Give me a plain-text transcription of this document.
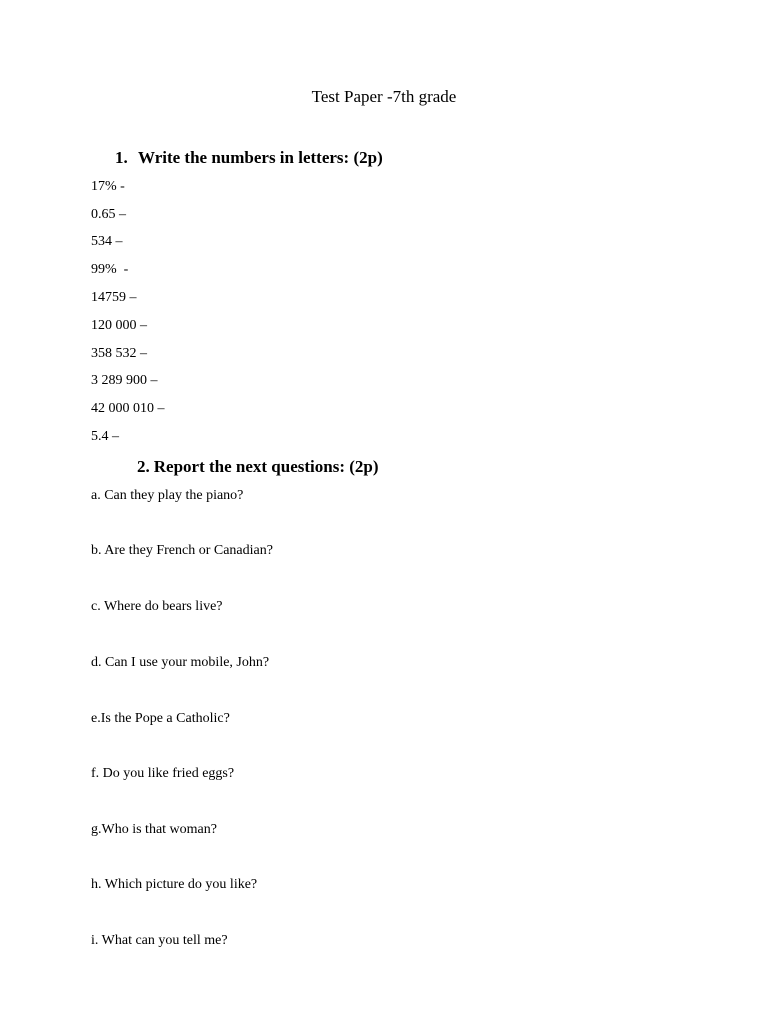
Test Paper -7th grade
1. Write the numbers in letters: (2p)
17% -
0.65 –
534 –
99%  -
14759 –
120 000 –
358 532 –
3 289 900 –
42 000 010 –
5.4 –
2. Report the next questions: (2p)
a. Can they play the piano?
b. Are they French or Canadian?
c. Where do bears live?
d. Can I use your mobile, John?
e.Is the Pope a Catholic?
f. Do you like fried eggs?
g.Who is that woman?
h. Which picture do you like?
i. What can you tell me?
